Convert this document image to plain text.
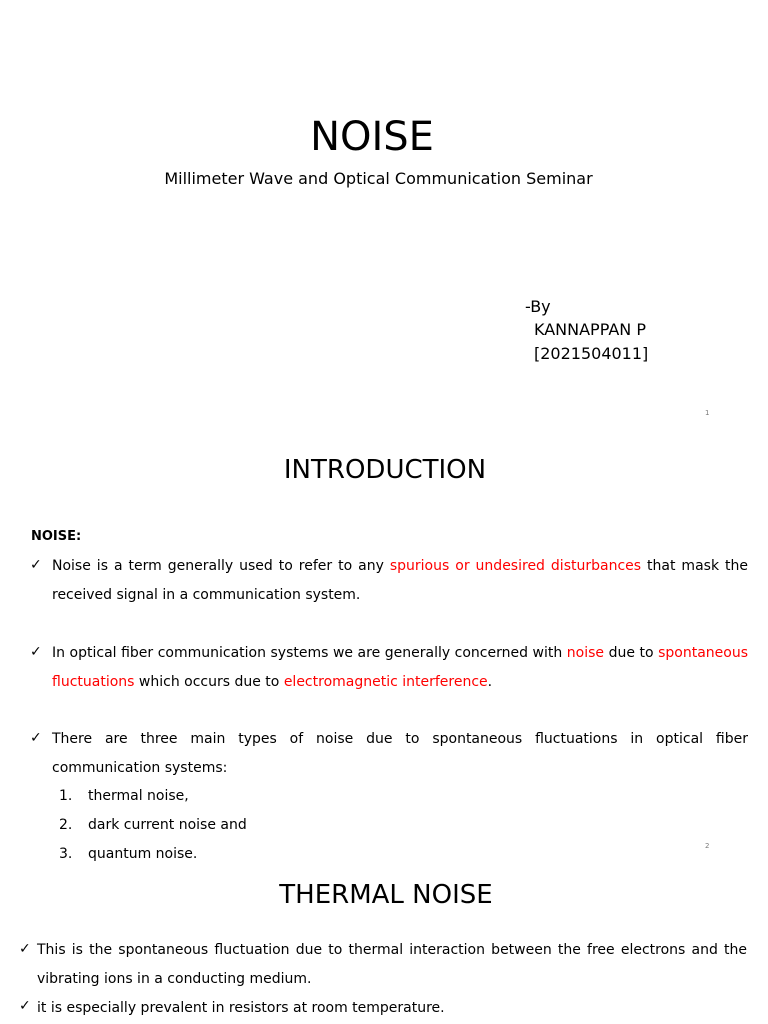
NOISE

Millimeter Wave and Optical Communication Seminar

-By

KANNAPPAN P

[2021504011]

1
INTRODUCTION

NOISE:

✓ Noise is a term generally used to refer to any spurious or undesired disturbances that mask the received signal in a communication system.

✓ In optical fiber communication systems we are generally concerned with noise due to spontaneous fluctuations which occurs due to electromagnetic interference.

✓ There are three main types of noise due to spontaneous fluctuations in optical fiber communication systems:

1. thermal noise,
2. dark current noise and
3. quantum noise.	2
THERMAL NOISE
✓ This is the spontaneous fluctuation due to thermal interaction between the free electrons and the vibrating ions in a conducting medium.

✓ it is especially prevalent in resistors at room temperature.
